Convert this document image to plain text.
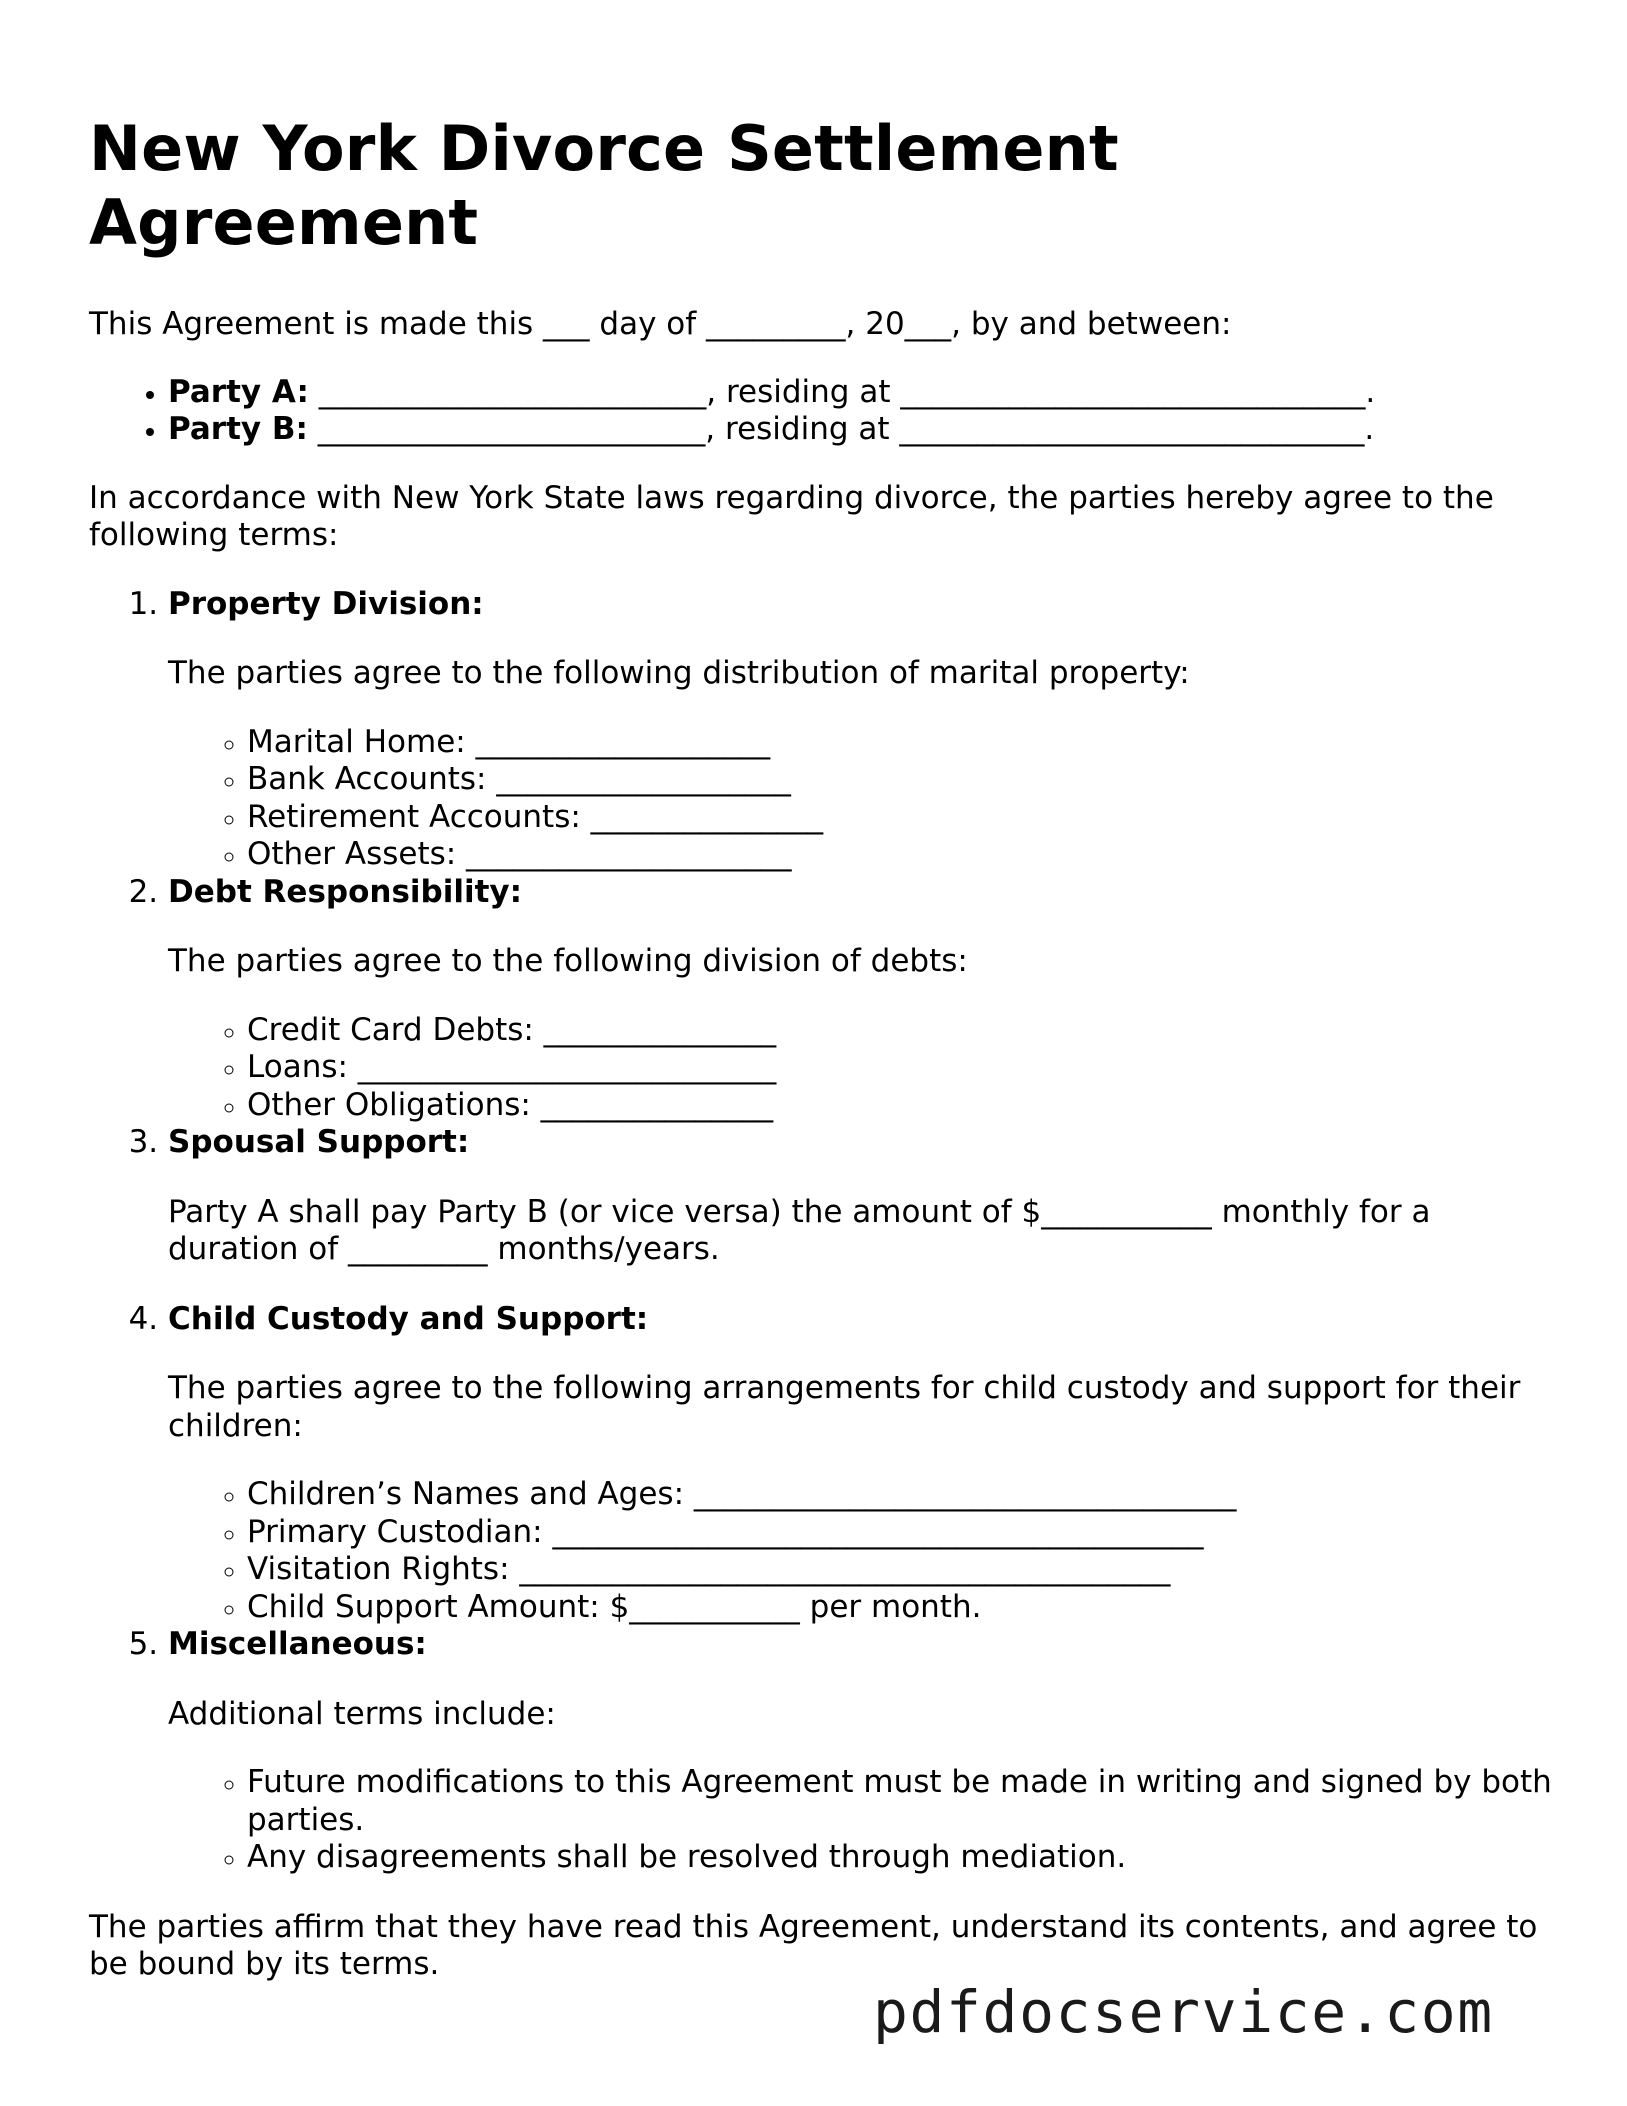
New York Divorce Settlement
Agreement

This Agreement is made this ___ day of _________, 20___, by and between:

• Party A: _________________________, residing at ______________________________.
• Party B: _________________________, residing at ______________________________.

In accordance with New York State laws regarding divorce, the parties hereby agree to the following terms:

1. Property Division:

The parties agree to the following distribution of marital property:

◦ Marital Home: ___________________
◦ Bank Accounts: ___________________
◦ Retirement Accounts: _______________
◦ Other Assets: _____________________
2. Debt Responsibility:

The parties agree to the following division of debts:

◦ Credit Card Debts: _______________
◦ Loans: ___________________________
◦ Other Obligations: _______________
3. Spousal Support:

Party A shall pay Party B (or vice versa) the amount of $___________ monthly for a duration of _________ months/years.

4. Child Custody and Support:

The parties agree to the following arrangements for child custody and support for their children:

◦ Children’s Names and Ages: ___________________________________
◦ Primary Custodian: __________________________________________
◦ Visitation Rights: __________________________________________
◦ Child Support Amount: $___________ per month.
5. Miscellaneous:

Additional terms include:

◦ Future modifications to this Agreement must be made in writing and signed by both parties.
◦ Any disagreements shall be resolved through mediation.

The parties affirm that they have read this Agreement, understand its contents, and agree to be bound by its terms.

pdfdocservice.com
